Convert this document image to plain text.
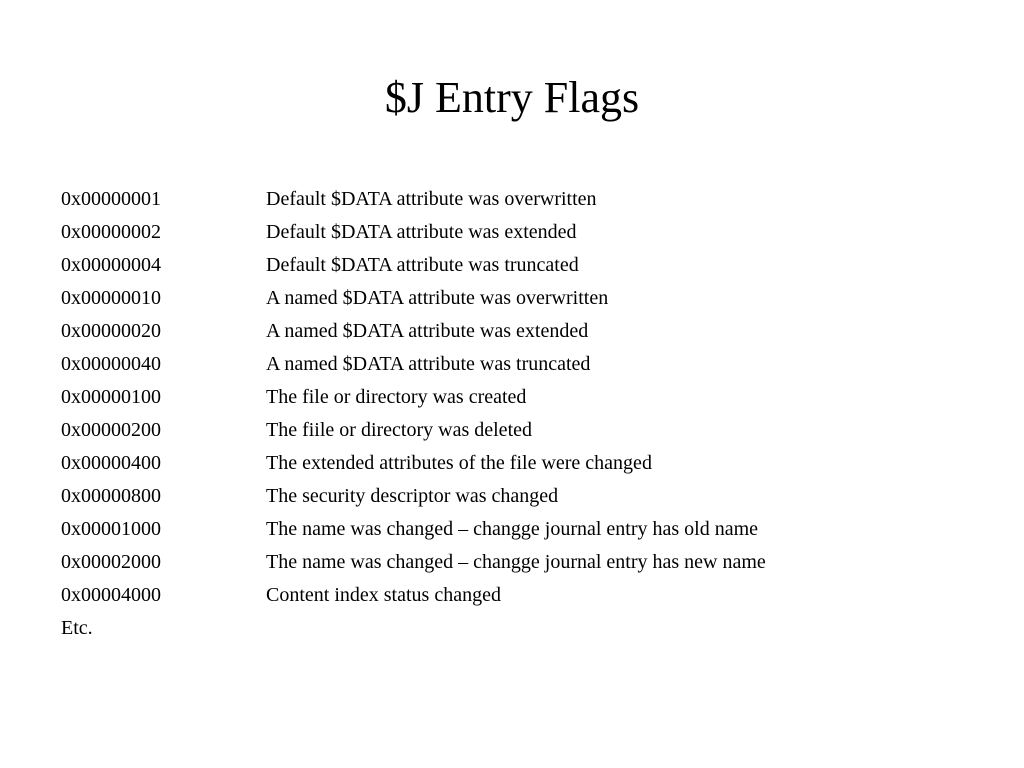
$J Entry Flags
0x00000001	Default $DATA attribute was overwritten
0x00000002	Default $DATA attribute was extended
0x00000004	Default $DATA attribute was truncated
0x00000010	A named $DATA attribute was overwritten
0x00000020	A named $DATA attribute was extended
0x00000040	A named $DATA attribute was truncated
0x00000100	The file or directory was created
0x00000200	The fiile or directory was deleted
0x00000400	The extended attributes of the file were changed
0x00000800	The security descriptor was changed
0x00001000	The name was changed – changge journal entry has old name
0x00002000	The name was changed – changge journal entry has new name
0x00004000	Content index status changed
Etc.
